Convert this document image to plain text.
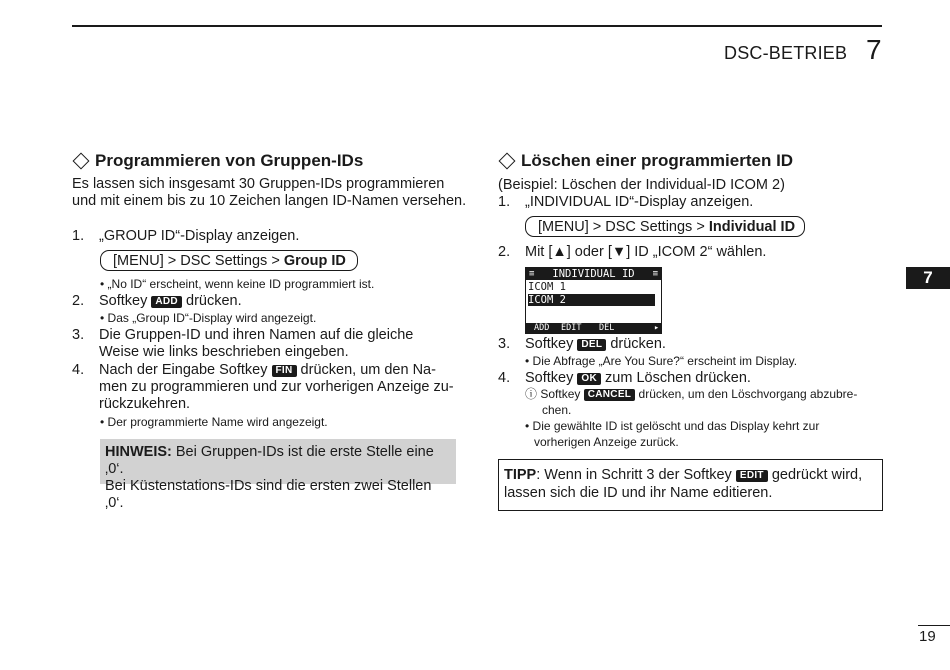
DSC-BETRIEB 7
7
Programmieren von Gruppen-IDs
Es lassen sich insgesamt 30 Gruppen-IDs programmieren
und mit einem bis zu 10 Zeichen langen ID-Namen versehen.
1. „GROUP ID“-Display anzeigen.
[MENU] > DSC Settings > Group ID
• „No ID“ erscheint, wenn keine ID programmiert ist.
2. Softkey ADD drücken.
• Das „Group ID“-Display wird angezeigt.
3. Die Gruppen-ID und ihren Namen auf die gleiche
Weise wie links beschrieben eingeben.
4. Nach der Eingabe Softkey FIN drücken, um den Na-
men zu programmieren und zur vorherigen Anzeige zu-
rückzukehren.
• Der programmierte Name wird angezeigt.
HINWEIS: Bei Gruppen-IDs ist die erste Stelle eine ‚0‘.
Bei Küstenstations-IDs sind die ersten zwei Stellen ‚0‘.
Löschen einer programmierten ID
(Beispiel: Löschen der Individual-ID ICOM 2)
1. „INDIVIDUAL ID“-Display anzeigen.
[MENU] > DSC Settings > Individual ID
2. Mit [▲] oder [▼] ID „ICOM 2“ wählen.
≡ INDIVIDUAL ID ≡
ICOM 1
ICOM 2
ADD EDIT DEL	▸
3. Softkey DEL drücken.
• Die Abfrage „Are You Sure?“ erscheint im Display.
4. Softkey OK zum Löschen drücken.
ⓘ Softkey CANCEL drücken, um den Löschvorgang abzubre-
chen.
• Die gewählte ID ist gelöscht und das Display kehrt zur
vorherigen Anzeige zurück.
TIPP: Wenn in Schritt 3 der Softkey EDIT gedrückt wird,
lassen sich die ID und ihr Name editieren.
19
